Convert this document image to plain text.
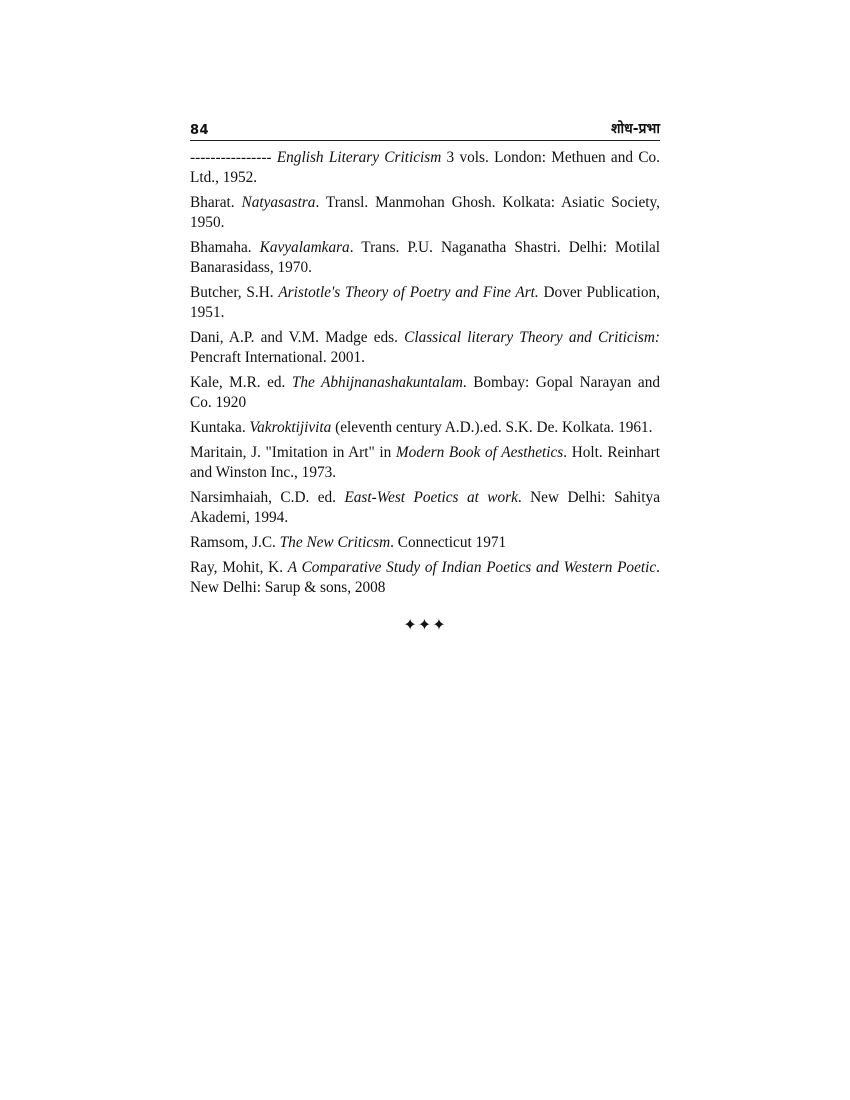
84	शोध-प्रभा

---------------- English Literary Criticism 3 vols. London: Methuen and Co. Ltd., 1952.

Bharat. Natyasastra. Transl. Manmohan Ghosh. Kolkata: Asiatic Society, 1950.

Bhamaha. Kavyalamkara. Trans. P.U. Naganatha Shastri. Delhi: Motilal Banarasidass, 1970.

Butcher, S.H. Aristotle's Theory of Poetry and Fine Art. Dover Publication, 1951.

Dani, A.P. and V.M. Madge eds. Classical literary Theory and Criticism: Pencraft International. 2001.

Kale, M.R. ed. The Abhijnanashakuntalam. Bombay: Gopal Narayan and Co. 1920

Kuntaka. Vakroktijivita (eleventh century A.D.).ed. S.K. De. Kolkata. 1961.

Maritain, J. "Imitation in Art" in Modern Book of Aesthetics. Holt. Reinhart and Winston Inc., 1973.

Narsimhaiah, C.D. ed. East-West Poetics at work. New Delhi: Sahitya Akademi, 1994.

Ramsom, J.C. The New Criticsm. Connecticut 1971

Ray, Mohit, K. A Comparative Study of Indian Poetics and Western Poetic. New Delhi: Sarup & sons, 2008

✦✦✦
